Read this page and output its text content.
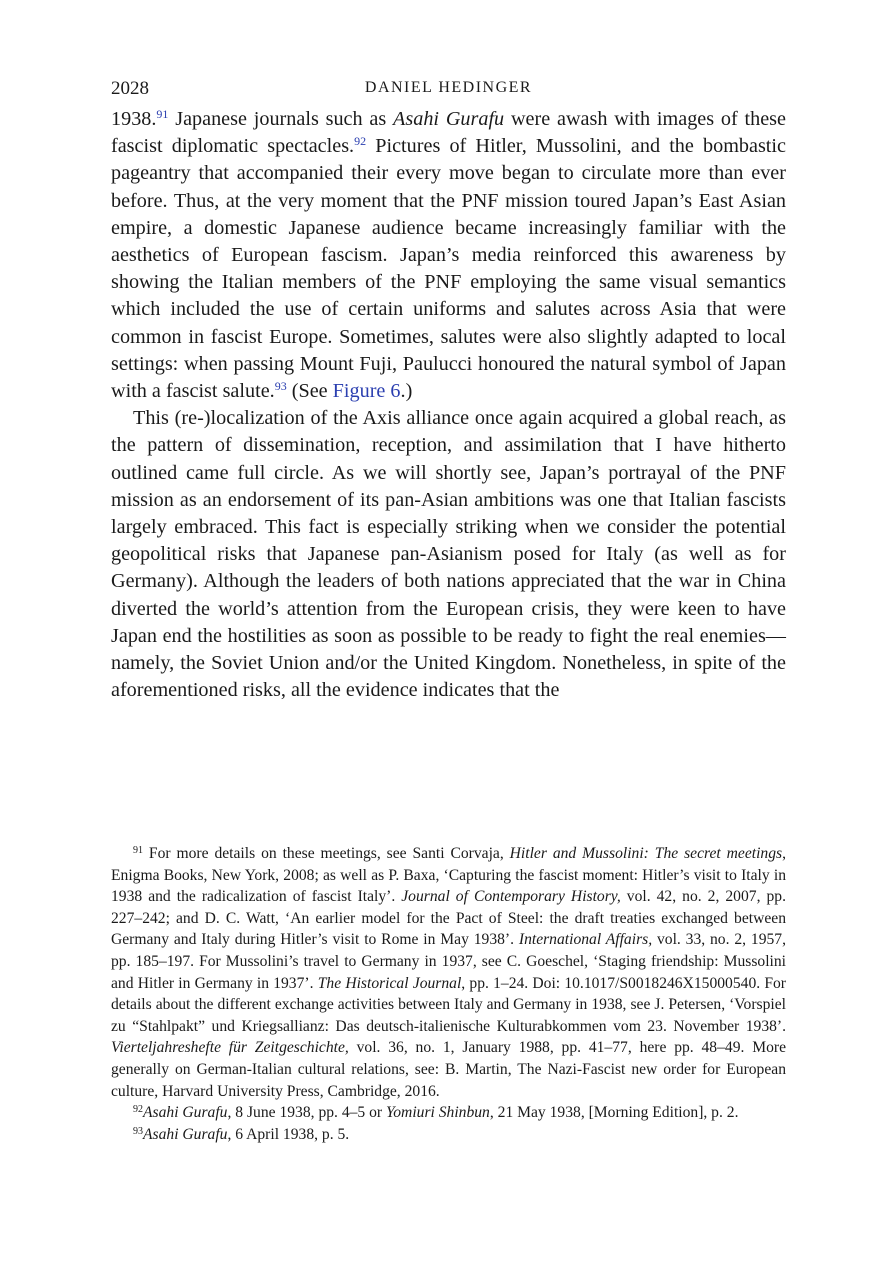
2028	DANIEL HEDINGER

1938.91 Japanese journals such as Asahi Gurafu were awash with images of these fascist diplomatic spectacles.$^{92}$ Pictures of Hitler, Mussolini, and the bombastic pageantry that accompanied their every move began to circulate more than ever before. Thus, at the very moment that the PNF mission toured Japan’s East Asian empire, a domestic Japanese audience became increasingly familiar with the aesthetics of European fascism. Japan’s media reinforced this awareness by showing the Italian members of the PNF employing the same visual semantics which included the use of certain uniforms and salutes across Asia that were common in fascist Europe. Sometimes, salutes were also slightly adapted to local settings: when passing Mount Fuji, Paulucci honoured the natural symbol of Japan with a fascist salute.$^{93}$ (See Figure 6.)

This (re-)localization of the Axis alliance once again acquired a global reach, as the pattern of dissemination, reception, and assimilation that I have hitherto outlined came full circle. As we will shortly see, Japan’s portrayal of the PNF mission as an endorsement of its pan-Asian ambitions was one that Italian fascists largely embraced. This fact is especially striking when we consider the potential geopolitical risks that Japanese pan-Asianism posed for Italy (as well as for Germany). Although the leaders of both nations appreciated that the war in China diverted the world’s attention from the European crisis, they were keen to have Japan end the hostilities as soon as possible to be ready to fight the real enemies—namely, the Soviet Union and/or the United Kingdom. Nonetheless, in spite of the aforementioned risks, all the evidence indicates that the

$^{91}$ For more details on these meetings, see Santi Corvaja, Hitler and Mussolini: The secret meetings, Enigma Books, New York, 2008; as well as P. Baxa, ‘Capturing the fascist moment: Hitler’s visit to Italy in 1938 and the radicalization of fascist Italy’. Journal of Contemporary History, vol. 42, no. 2, 2007, pp. 227–242; and D. C. Watt, ‘An earlier model for the Pact of Steel: the draft treaties exchanged between Germany and Italy during Hitler’s visit to Rome in May 1938’. International Affairs, vol. 33, no. 2, 1957, pp. 185–197. For Mussolini’s travel to Germany in 1937, see C. Goeschel, ‘Staging friendship: Mussolini and Hitler in Germany in 1937’. The Historical Journal, pp. 1–24. Doi: 10.1017/S0018246X15000540. For details about the different exchange activities between Italy and Germany in 1938, see J. Petersen, ‘Vorspiel zu “Stahlpakt” und Kriegsallianz: Das deutsch-italienische Kulturabkommen vom 23. November 1938’. Vierteljahreshefte für Zeitgeschichte, vol. 36, no. 1, January 1988, pp. 41–77, here pp. 48–49. More generally on German-Italian cultural relations, see: B. Martin, The Nazi-Fascist new order for European culture, Harvard University Press, Cambridge, 2016.

$^{92}$Asahi Gurafu, 8 June 1938, pp. 4–5 or Yomiuri Shinbun, 21 May 1938, [Morning Edition], p. 2.

$^{93}$Asahi Gurafu, 6 April 1938, p. 5.
